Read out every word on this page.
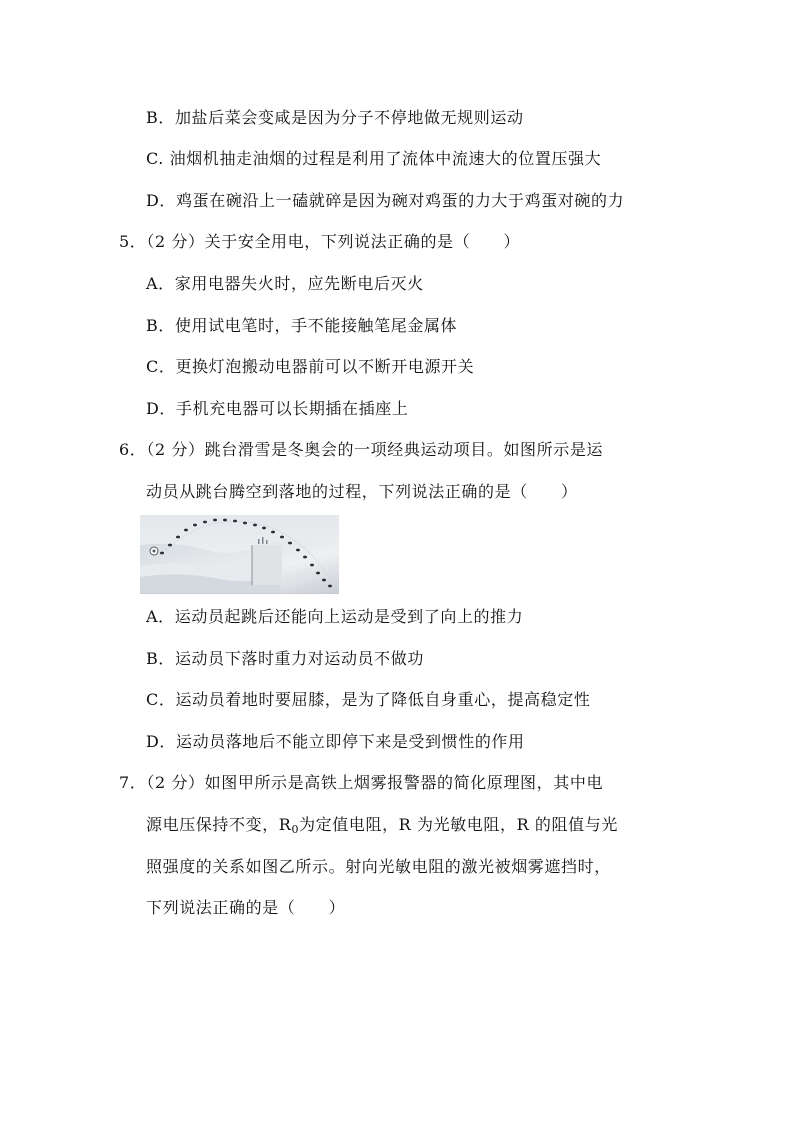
B．加盐后菜会变咸是因为分子不停地做无规则运动
C. 油烟机抽走油烟的过程是利用了流体中流速大的位置压强大
D．鸡蛋在碗沿上一磕就碎是因为碗对鸡蛋的力大于鸡蛋对碗的力
5．（2 分）关于安全用电，下列说法正确的是（　　）
A．家用电器失火时，应先断电后灭火
B．使用试电笔时，手不能接触笔尾金属体
C．更换灯泡搬动电器前可以不断开电源开关
D．手机充电器可以长期插在插座上
6．（2 分）跳台滑雪是冬奥会的一项经典运动项目。如图所示是运
动员从跳台腾空到落地的过程，下列说法正确的是（　　）
A．运动员起跳后还能向上运动是受到了向上的推力
B．运动员下落时重力对运动员不做功
C．运动员着地时要屈膝，是为了降低自身重心，提高稳定性
D．运动员落地后不能立即停下来是受到惯性的作用
7．（2 分）如图甲所示是高铁上烟雾报警器的简化原理图，其中电
源电压保持不变，$R_0$为定值电阻，R 为光敏电阻，R 的阻值与光
照强度的关系如图乙所示。射向光敏电阻的激光被烟雾遮挡时，
下列说法正确的是（　　）
